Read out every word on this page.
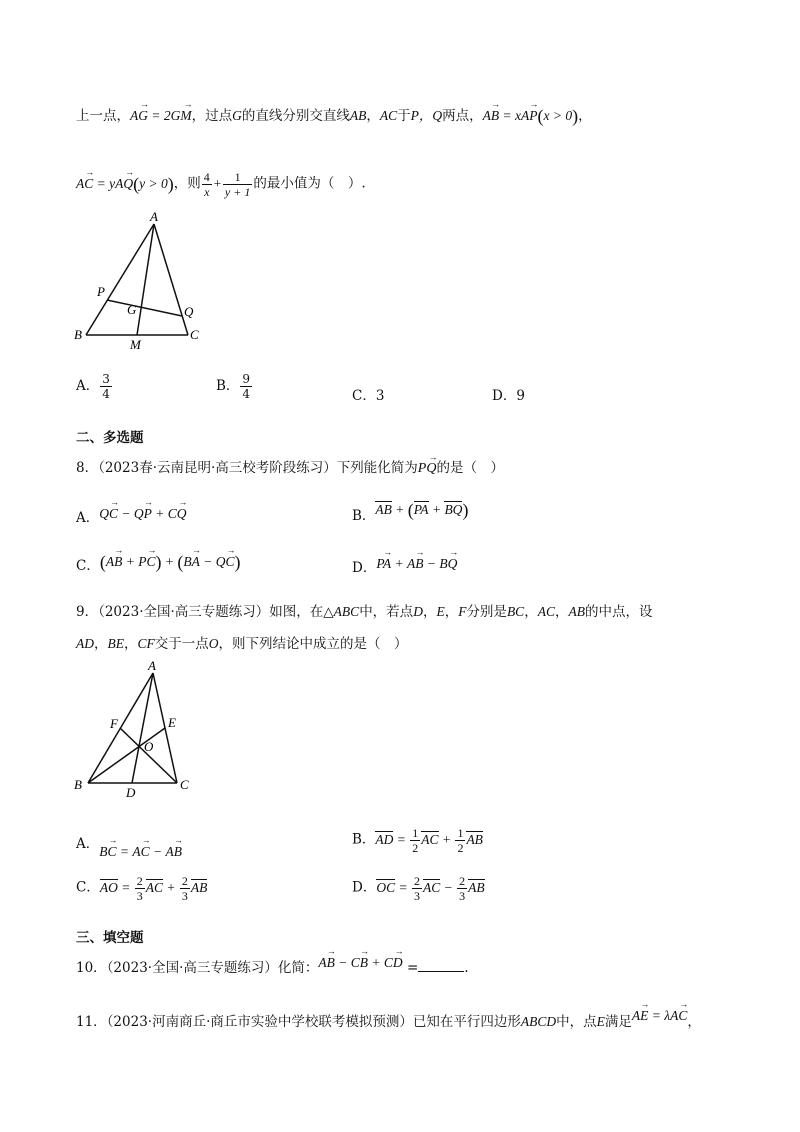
上一点，→ AG = 2→ GM，过点G的直线分别交直线AB，AC于P，Q两点，→ AB = x→ AP(x > 0)，
→ AC = y→ AQ(y > 0)，则 $\frac{4}{x} + \frac{1}{y + 1}$ 的最小值为（　）.
A
B	C
P
Q
G
M
A． $\frac{3}{4}$	B． $\frac{9}{4}$	C．3	D．9
二、多选题
8．（2023春·云南昆明·高三校考阶段练习）下列能化简为→ PQ的是（　）
A．→ QC − → QP + → CQ	B．AB + (PA + BQ)
C．(→ AB + → PC) + (→ BA − → QC)	D．→ PA + → AB − → BQ
9．（2023·全国·高三专题练习）如图，在△ABC中，若点D，E，F分别是BC，AC，AB的中点，设
AD，BE，CF交于一点O，则下列结论中成立的是（　）
A
B	C
D
E
F
O
A．→ BC = → AC − → AB
B．AD = $\frac{1}{2}$ AC + $\frac{1}{2}$ AB
C．AO = $\frac{2}{3}$ AC + $\frac{2}{3}$ AB	D．OC = $\frac{2}{3}$ AC − $\frac{2}{3}$ AB
三、填空题
10．（2023·全国·高三专题练习）化简：→ AB − → CB + → CD =	.
11．（2023·河南商丘·商丘市实验中学校联考模拟预测）已知在平行四边形ABCD中，点E满足→ AE = λ→ AC，
